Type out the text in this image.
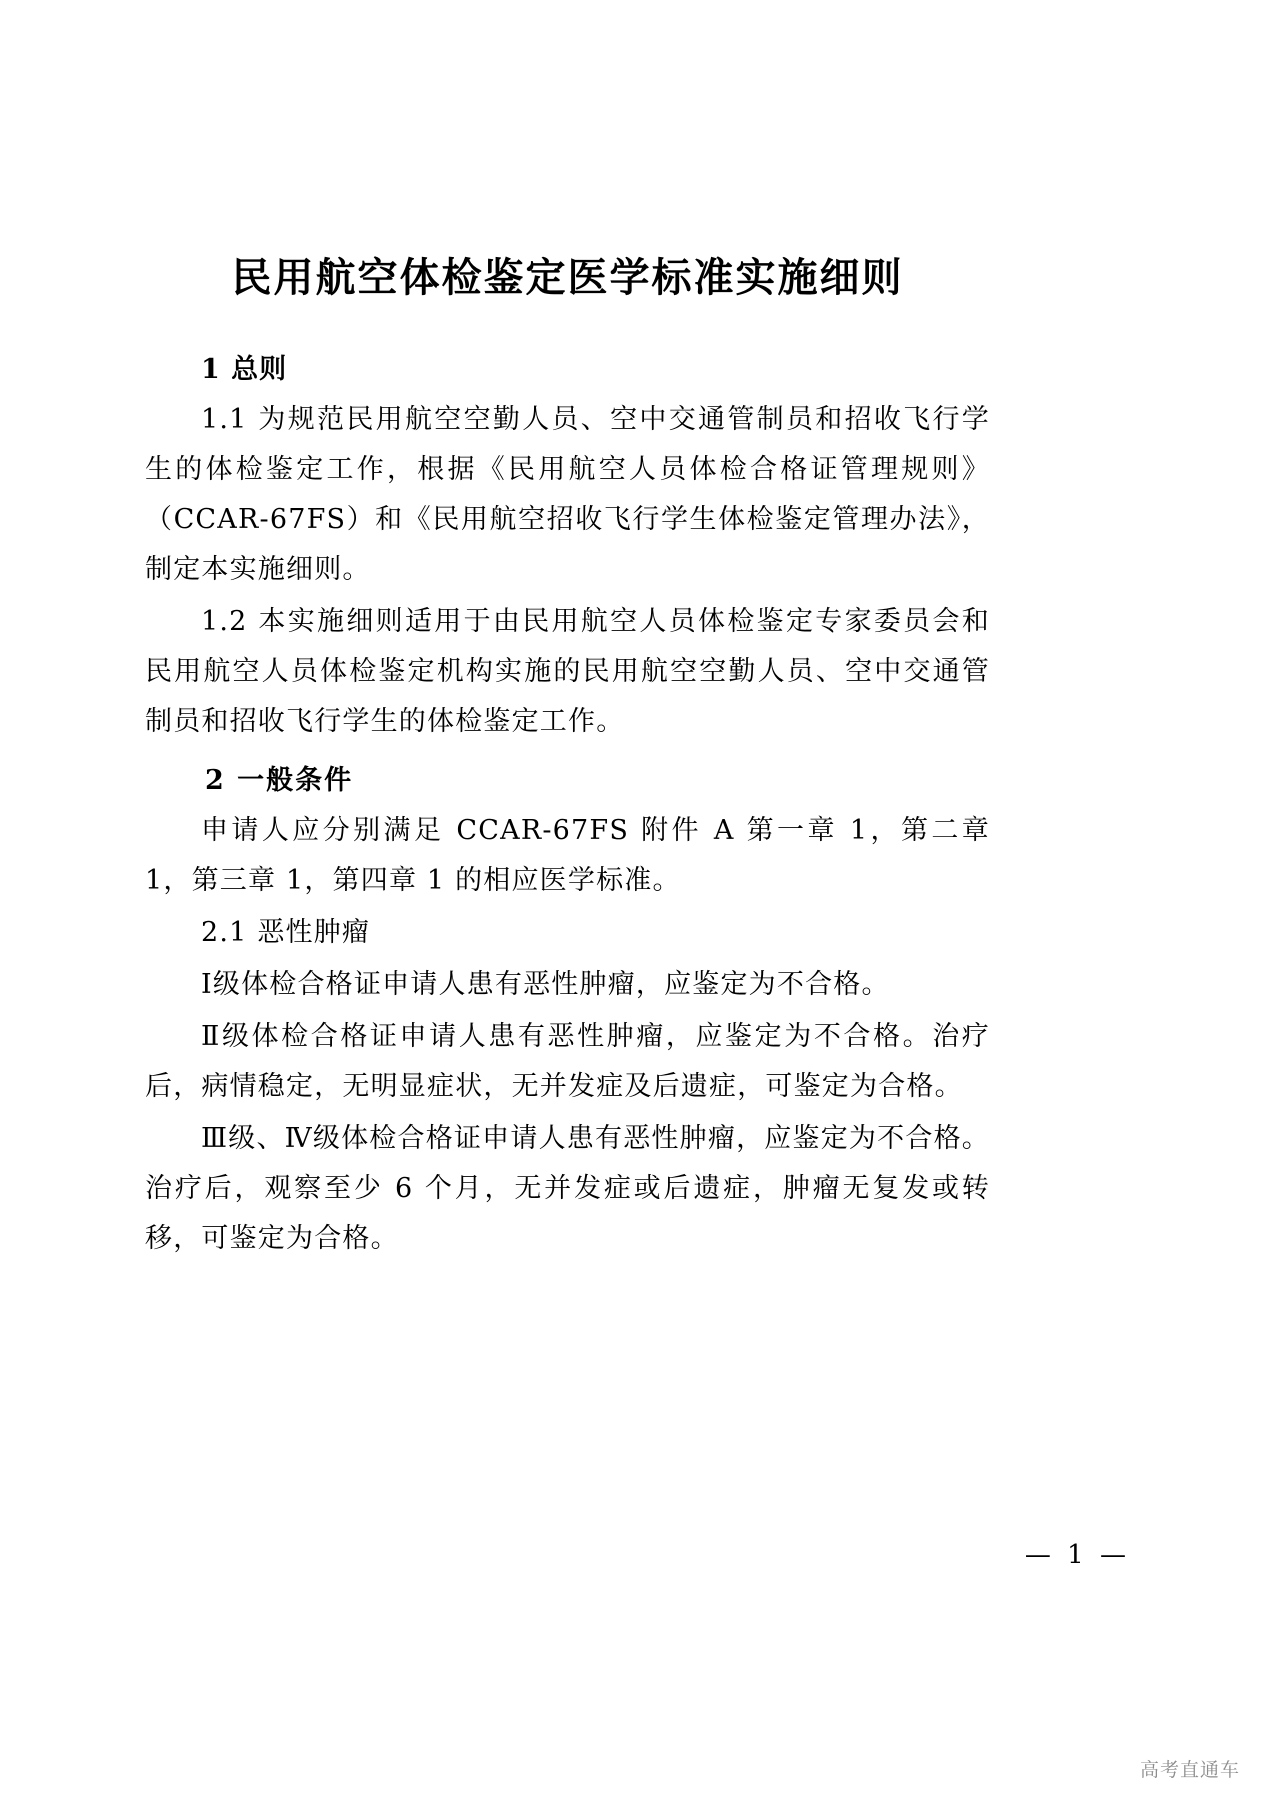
民用航空体检鉴定医学标准实施细则
1 总则

1.1 为规范民用航空空勤人员、空中交通管制员和招收飞行学生的体检鉴定工作，根据《民用航空人员体检合格证管理规则》（CCAR-67FS）和《民用航空招收飞行学生体检鉴定管理办法》，制定本实施细则。

1.2 本实施细则适用于由民用航空人员体检鉴定专家委员会和民用航空人员体检鉴定机构实施的民用航空空勤人员、空中交通管制员和招收飞行学生的体检鉴定工作。

2 一般条件

申请人应分别满足 CCAR-67FS 附件 A 第一章 1，第二章 1，第三章 1，第四章 1 的相应医学标准。

2.1 恶性肿瘤

Ⅰ级体检合格证申请人患有恶性肿瘤，应鉴定为不合格。

Ⅱ级体检合格证申请人患有恶性肿瘤，应鉴定为不合格。治疗后，病情稳定，无明显症状，无并发症及后遗症，可鉴定为合格。

Ⅲ级、Ⅳ级体检合格证申请人患有恶性肿瘤，应鉴定为不合格。治疗后，观察至少 6 个月，无并发症或后遗症，肿瘤无复发或转移，可鉴定为合格。

— 1 —
高考直通车
